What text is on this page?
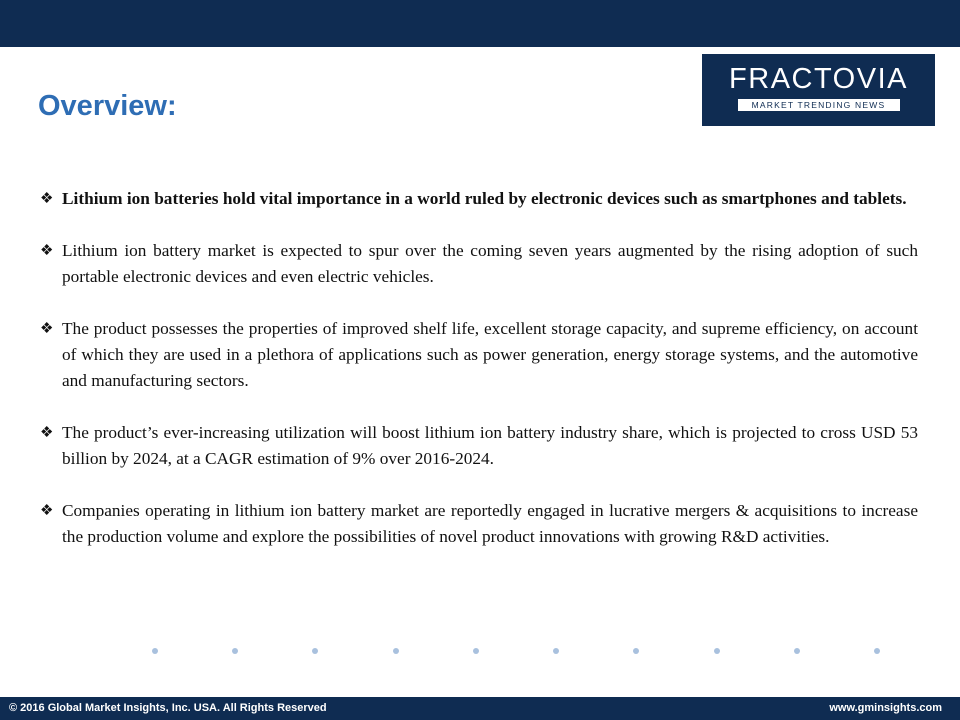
Overview:
FRACTOVIA
MARKET TRENDING NEWS
❖ Lithium ion batteries hold vital importance in a world ruled by electronic devices such as smartphones and tablets.
❖ Lithium ion battery market is expected to spur over the coming seven years augmented by the rising adoption of such portable electronic devices and even electric vehicles.
❖ The product possesses the properties of improved shelf life, excellent storage capacity, and supreme efficiency, on account of which they are used in a plethora of applications such as power generation, energy storage systems, and the automotive and manufacturing sectors.
❖ The product’s ever-increasing utilization will boost lithium ion battery industry share, which is projected to cross USD 53 billion by 2024, at a CAGR estimation of 9% over 2016-2024.
❖ Companies operating in lithium ion battery market are reportedly engaged in lucrative mergers & acquisitions to increase the production volume and explore the possibilities of novel product innovations with growing R&D activities.
© 2016 Global Market Insights, Inc. USA. All Rights Reserved	www.gminsights.com
